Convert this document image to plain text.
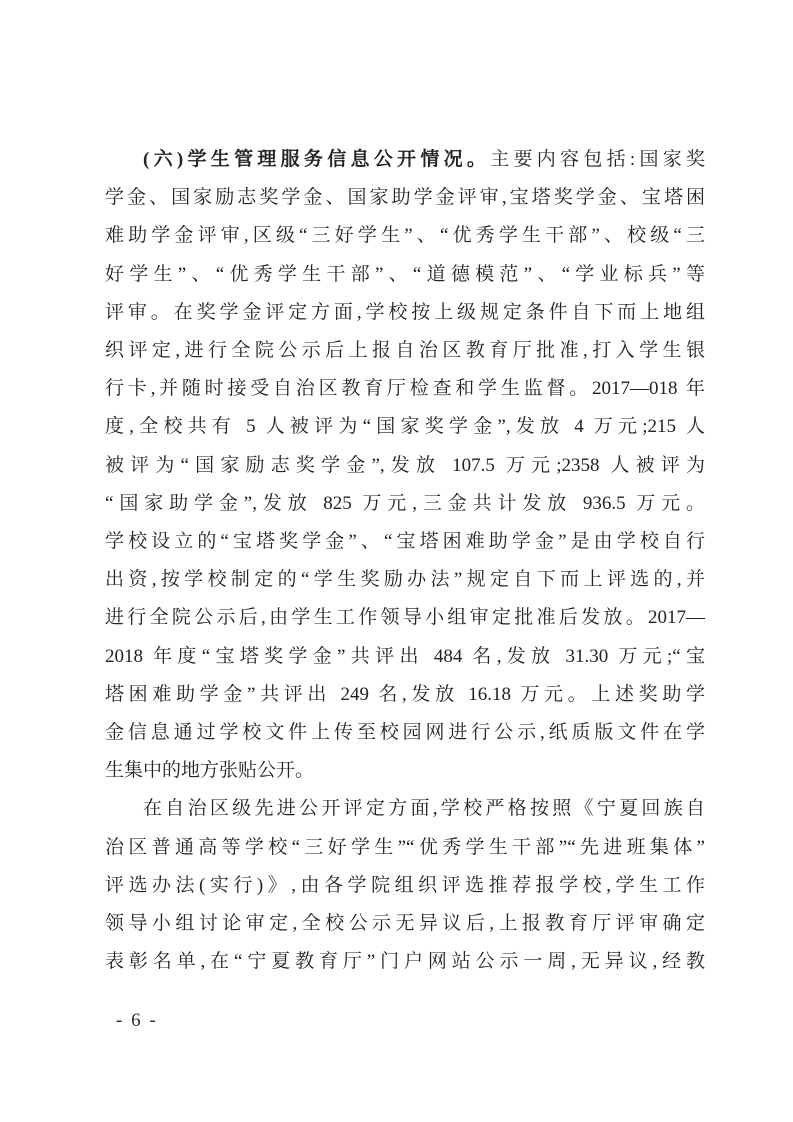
(六)学生管理服务信息公开情况。主要内容包括:国家奖
学金、国家励志奖学金、国家助学金评审,宝塔奖学金、宝塔困
难助学金评审,区级“三好学生”、“优秀学生干部”、校级“三
好学生”、“优秀学生干部”、“道德模范”、“学业标兵”等
评审。在奖学金评定方面,学校按上级规定条件自下而上地组
织评定,进行全院公示后上报自治区教育厅批准,打入学生银
行卡,并随时接受自治区教育厅检查和学生监督。2017—018 年
度,全校共有 5 人被评为“国家奖学金”,发放 4 万元;215 人
被评为“国家励志奖学金”,发放 107.5 万元;2358 人被评为
“国家助学金”,发放 825 万元,三金共计发放 936.5 万元。
学校设立的“宝塔奖学金”、“宝塔困难助学金”是由学校自行
出资,按学校制定的“学生奖励办法”规定自下而上评选的,并
进行全院公示后,由学生工作领导小组审定批准后发放。2017—
2018 年度“宝塔奖学金”共评出 484 名,发放 31.30 万元;“宝
塔困难助学金”共评出 249 名,发放 16.18 万元。上述奖助学
金信息通过学校文件上传至校园网进行公示,纸质版文件在学
生集中的地方张贴公开。
在自治区级先进公开评定方面,学校严格按照《宁夏回族自
治区普通高等学校“三好学生”“优秀学生干部”“先进班集体”
评选办法(实行)》,由各学院组织评选推荐报学校,学生工作
领导小组讨论审定,全校公示无异议后,上报教育厅评审确定
表彰名单,在“宁夏教育厅”门户网站公示一周,无异议,经教
- 6 -
